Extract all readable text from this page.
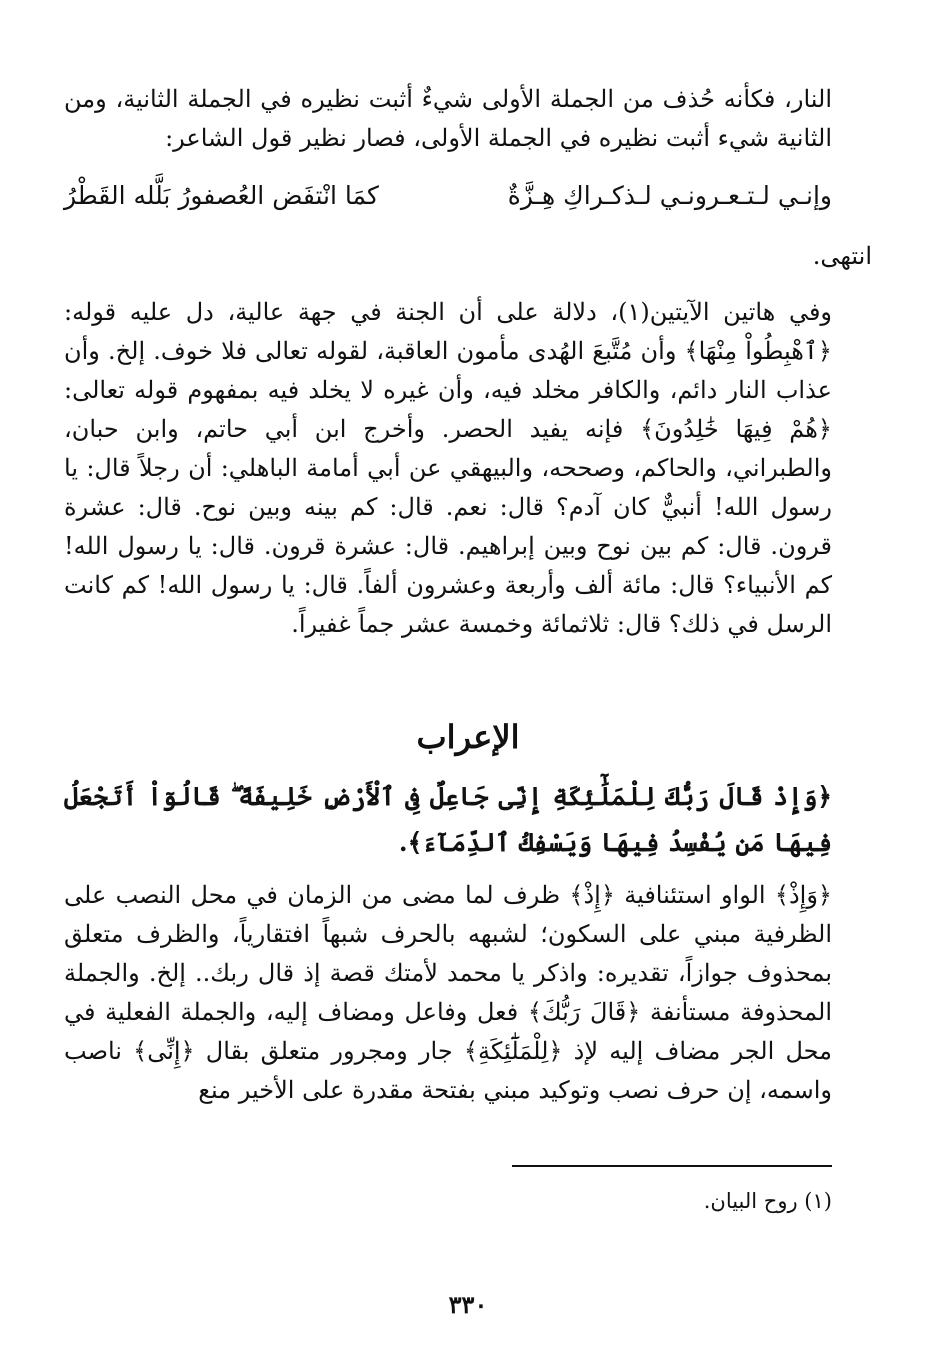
النار، فكأنه حُذف من الجملة الأولى شيءٌ أثبت نظيره في الجملة الثانية، ومن الثانية شيء أثبت نظيره في الجملة الأولى، فصار نظير قول الشاعر:
وإنـي لـتـعـرونـي لـذكـراكِ هِـزَّةٌ
كمَا انْتفَض العُصفورُ بَلَّله القَطْرُ
انتهى.
وفي هاتين الآيتين(١)، دلالة على أن الجنة في جهة عالية، دل عليه قوله: ﴿ٱهْبِطُواْ مِنْهَا﴾ وأن مُتَّبعَ الهُدى مأمون العاقبة، لقوله تعالى فلا خوف. إلخ. وأن عذاب النار دائم، والكافر مخلد فيه، وأن غيره لا يخلد فيه بمفهوم قوله تعالى: ﴿هُمْ فِيهَا خَٰلِدُونَ﴾ فإنه يفيد الحصر. وأخرج ابن أبي حاتم، وابن حبان، والطبراني، والحاكم، وصححه، والبيهقي عن أبي أمامة الباهلي: أن رجلاً قال: يا رسول الله! أنبيٌّ كان آدم؟ قال: نعم. قال: كم بينه وبين نوح. قال: عشرة قرون. قال: كم بين نوح وبين إبراهيم. قال: عشرة قرون. قال: يا رسول الله! كم الأنبياء؟ قال: مائة ألف وأربعة وعشرون ألفاً. قال: يا رسول الله! كم كانت الرسل في ذلك؟ قال: ثلاثمائة وخمسة عشر جماً غفيراً.
الإعراب
﴿وَإِذْ قَالَ رَبُّكَ لِلْمَلَٰٓئِكَةِ إِنِّى جَاعِلٌ فِى ٱلْأَرْضِ خَلِيفَةً ۖ قَالُوٓاْ أَتَجْعَلُ فِيهَا مَن يُفْسِدُ فِيهَا وَيَسْفِكُ ٱلدِّمَآءَ﴾.
﴿وَإِذْ﴾ الواو استئنافية ﴿إِذْ﴾ ظرف لما مضى من الزمان في محل النصب على الظرفية مبني على السكون؛ لشبهه بالحرف شبهاً افتقارياً، والظرف متعلق بمحذوف جوازاً، تقديره: واذكر يا محمد لأمتك قصة إذ قال ربك.. إلخ. والجملة المحذوفة مستأنفة ﴿قَالَ رَبُّكَ﴾ فعل وفاعل ومضاف إليه، والجملة الفعلية في محل الجر مضاف إليه لإذ ﴿لِلْمَلَٰٓئِكَةِ﴾ جار ومجرور متعلق بقال ﴿إِنِّى﴾ ناصب واسمه، إن حرف نصب وتوكيد مبني بفتحة مقدرة على الأخير منع
(١) روح البيان.
٣٣٠
